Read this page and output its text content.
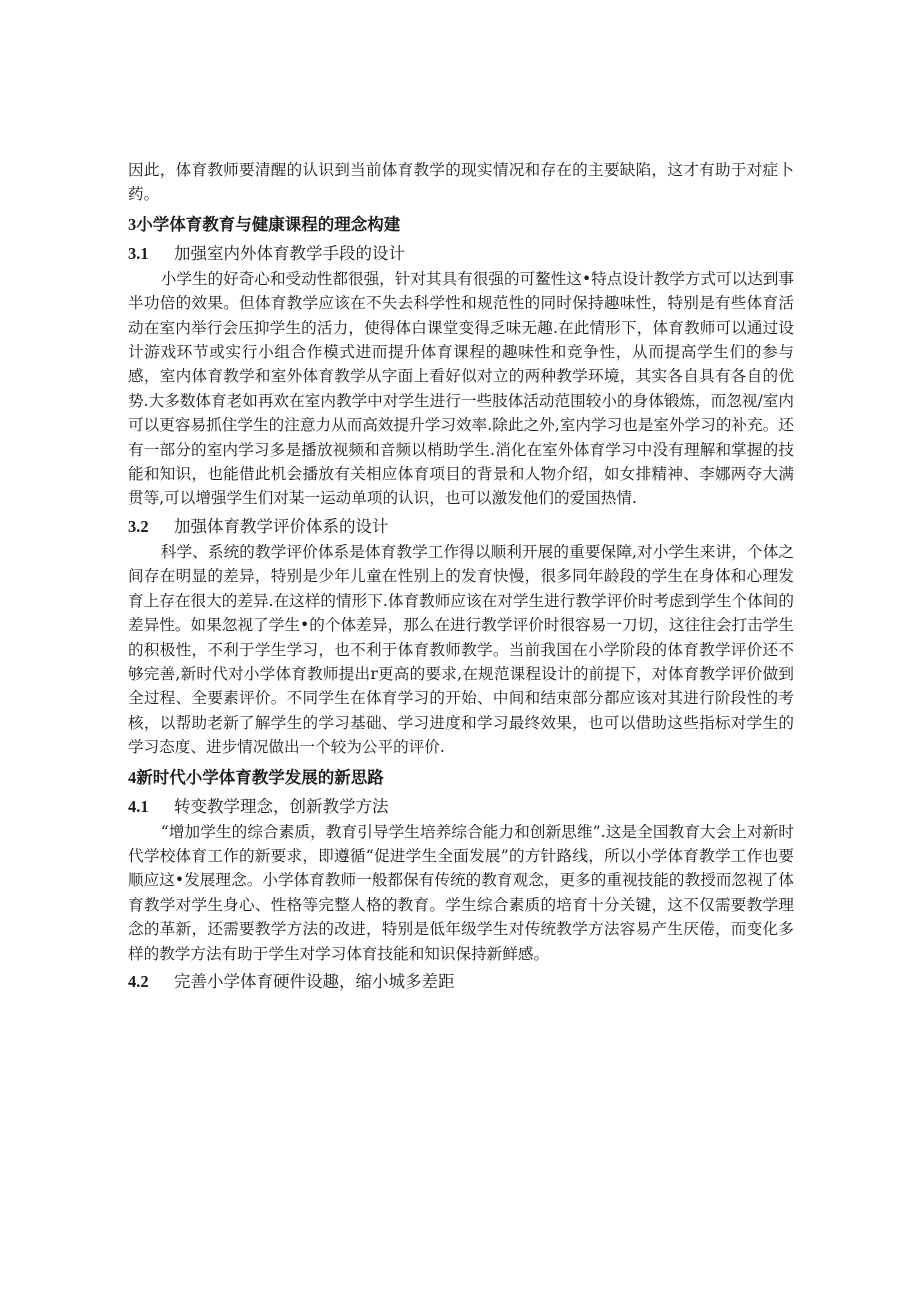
因此，体育教师要清醒的认识到当前体育教学的现实情况和存在的主要缺陷，这才有助于对症卜药。

3小学体育教育与健康课程的理念构建
3.1 加强室内外体育教学手段的设计

小学生的好奇心和受动性都很强，针对其具有很强的可鳌性这•特点设计教学方式可以达到事半功倍的效果。但体育教学应该在不失去科学性和规范性的同时保持趣味性，特别是有些体育活动在室内举行会压抑学生的活力，使得体白课堂变得乏味无趣.在此情形下，体育教师可以通过设计游戏环节或实行小组合作模式进而提升体育课程的趣味性和竞争性，从而提高学生们的参与感，室内体育教学和室外体育教学从字面上看好似对立的两种教学环境，其实各自具有各自的优势.大多数体育老如再欢在室内教学中对学生进行一些肢体活动范围较小的身体锻炼，而忽视/室内可以更容易抓住学生的注意力从而高效提升学习效率.除此之外,室内学习也是室外学习的补充。还有一部分的室内学习多是播放视频和音频以梢助学生.消化在室外体育学习中没有理解和掌握的技能和知识，也能借此机会播放有关相应体育项目的背景和人物介绍，如女排精神、李娜两夺大满贯等,可以增强学生们对某一运动单项的认识，也可以激发他们的爱国热情.

3.2 加强体育教学评价体系的设计

科学、系统的教学评价体系是体育教学工作得以顺利开展的重要保障,对小学生来讲，个体之间存在明显的差异，特别是少年儿童在性别上的发育快慢，很多同年龄段的学生在身体和心理发育上存在很大的差异.在这样的情形下.体育教师应该在对学生进行教学评价时考虑到学生个体间的差异性。如果忽视了学生•的个体差异，那么在进行教学评价时很容易一刀切，这往往会打击学生的积极性，不利于学生学习，也不利于体育教师教学。当前我国在小学阶段的体育教学评价还不够完善,新时代对小学体育教师提出r更高的要求,在规范课程设计的前提下，对体育教学评价做到全过程、全要素评价。不同学生在体育学习的开始、中间和结束部分都应该对其进行阶段性的考核，以帮助老新了解学生的学习基础、学习进度和学习最终效果，也可以借助这些指标对学生的学习态度、进步情况做出一个较为公平的评价.

4新时代小学体育教学发展的新思路
4.1 转变教学理念，创新教学方法

“增加学生的综合素质，教育引导学生培养综合能力和创新思维”.这是全国教育大会上对新时代学校体育工作的新要求，即遵循“促进学生全面发展”的方针路线，所以小学体育教学工作也要顺应这•发展理念。小学体育教师一般都保有传统的教育观念，更多的重视技能的教授而忽视了体育教学对学生身心、性格等完整人格的教育。学生综合素质的培育十分关键，这不仅需要教学理念的革新，还需要教学方法的改进，特别是低年级学生对传统教学方法容易产生厌倦，而变化多样的教学方法有助于学生对学习体育技能和知识保持新鲜感。

4.2 完善小学体育硬件设趣，缩小城多差距
